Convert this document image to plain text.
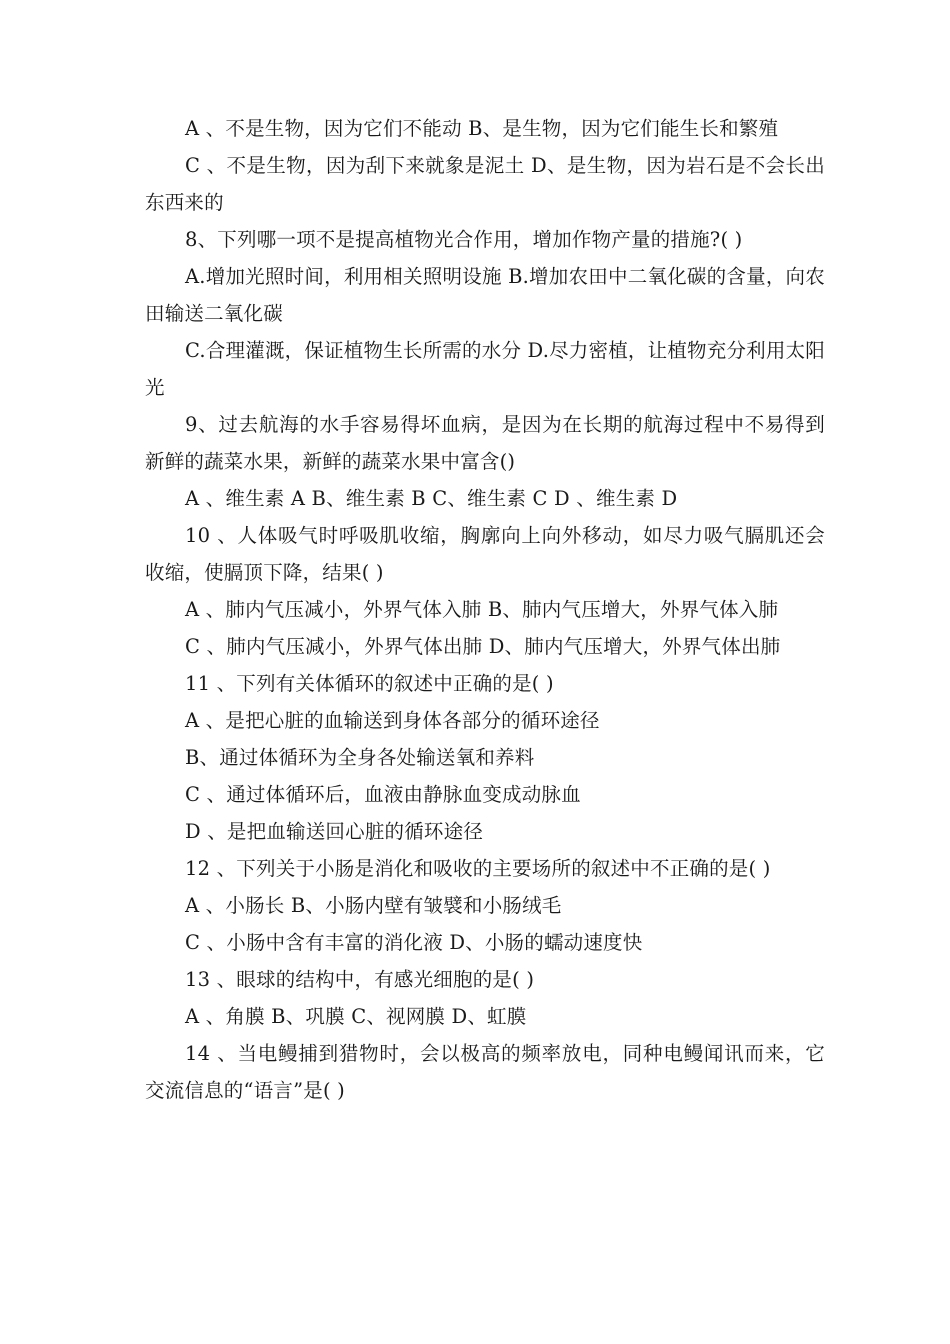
A 、不是生物，因为它们不能动 B、是生物，因为它们能生长和繁殖

C 、不是生物，因为刮下来就象是泥土 D、是生物，因为岩石是不会长出东西来的

8、下列哪一项不是提高植物光合作用，增加作物产量的措施?( )

A.增加光照时间，利用相关照明设施 B.增加农田中二氧化碳的含量，向农田输送二氧化碳

C.合理灌溉，保证植物生长所需的水分 D.尽力密植，让植物充分利用太阳光

9、过去航海的水手容易得坏血病，是因为在长期的航海过程中不易得到新鲜的蔬菜水果，新鲜的蔬菜水果中富含()

A 、维生素 A B、维生素 B C、维生素 C D 、维生素 D

10 、人体吸气时呼吸肌收缩，胸廓向上向外移动，如尽力吸气膈肌还会收缩，使膈顶下降，结果( )

A 、肺内气压减小，外界气体入肺 B、肺内气压增大，外界气体入肺

C 、肺内气压减小，外界气体出肺 D、肺内气压增大，外界气体出肺

11 、下列有关体循环的叙述中正确的是( )

A 、是把心脏的血输送到身体各部分的循环途径

B、通过体循环为全身各处输送氧和养料

C 、通过体循环后，血液由静脉血变成动脉血

D 、是把血输送回心脏的循环途径

12 、下列关于小肠是消化和吸收的主要场所的叙述中不正确的是( )

A 、小肠长 B、小肠内壁有皱襞和小肠绒毛

C 、小肠中含有丰富的消化液 D、小肠的蠕动速度快

13 、眼球的结构中，有感光细胞的是( )

A 、角膜 B、巩膜 C、视网膜 D、虹膜

14 、当电鳗捕到猎物时，会以极高的频率放电，同种电鳗闻讯而来，它交流信息的“语言”是( )
